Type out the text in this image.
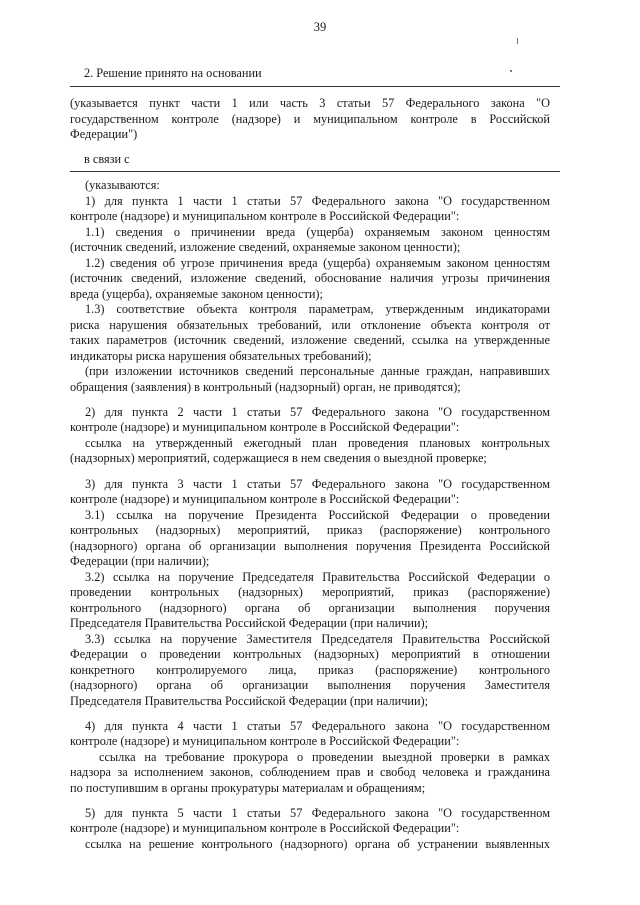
39

2. Решение принято на основании

(указывается пункт части 1 или часть 3 статьи 57 Федерального закона "О

государственном контроле (надзоре) и муниципальном контроле в Российской

Федерации")

в связи с

(указываются:

1) для пункта 1 части 1 статьи 57 Федерального закона "О государственном

контроле (надзоре) и муниципальном контроле в Российской Федерации":

1.1) сведения о причинении вреда (ущерба) охраняемым законом ценностям

(источник сведений, изложение сведений, охраняемые законом ценности);

1.2) сведения об угрозе причинения вреда (ущерба) охраняемым законом ценностям

(источник сведений, изложение сведений, обоснование наличия угрозы причинения

вреда (ущерба), охраняемые законом ценности);

1.3) соответствие объекта контроля параметрам, утвержденным индикаторами

риска нарушения обязательных требований, или отклонение объекта контроля от

таких параметров (источник сведений, изложение сведений, ссылка на утвержденные

индикаторы риска нарушения обязательных требований);

(при изложении источников сведений персональные данные граждан, направивших

обращения (заявления) в контрольный (надзорный) орган, не приводятся);

2) для пункта 2 части 1 статьи 57 Федерального закона "О государственном

контроле (надзоре) и муниципальном контроле в Российской Федерации":

ссылка на утвержденный ежегодный план проведения плановых контрольных

(надзорных) мероприятий, содержащиеся в нем сведения о выездной проверке;

3) для пункта 3 части 1 статьи 57 Федерального закона "О государственном

контроле (надзоре) и муниципальном контроле в Российской Федерации":

3.1) ссылка на поручение Президента Российской Федерации о проведении

контрольных (надзорных) мероприятий, приказ (распоряжение) контрольного

(надзорного) органа об организации выполнения поручения Президента Российской

Федерации (при наличии);

3.2) ссылка на поручение Председателя Правительства Российской Федерации о

проведении контрольных (надзорных) мероприятий, приказ (распоряжение)

контрольного (надзорного) органа об организации выполнения поручения

Председателя Правительства Российской Федерации (при наличии);

3.3) ссылка на поручение Заместителя Председателя Правительства Российской

Федерации о проведении контрольных (надзорных) мероприятий в отношении

конкретного контролируемого лица, приказ (распоряжение) контрольного

(надзорного) органа об организации выполнения поручения Заместителя

Председателя Правительства Российской Федерации (при наличии);

4) для пункта 4 части 1 статьи 57 Федерального закона "О государственном

контроле (надзоре) и муниципальном контроле в Российской Федерации":

ссылка на требование прокурора о проведении выездной проверки в рамках

надзора за исполнением законов, соблюдением прав и свобод человека и гражданина

по поступившим в органы прокуратуры материалам и обращениям;

5) для пункта 5 части 1 статьи 57 Федерального закона "О государственном

контроле (надзоре) и муниципальном контроле в Российской Федерации":

ссылка на решение контрольного (надзорного) органа об устранении выявленных
